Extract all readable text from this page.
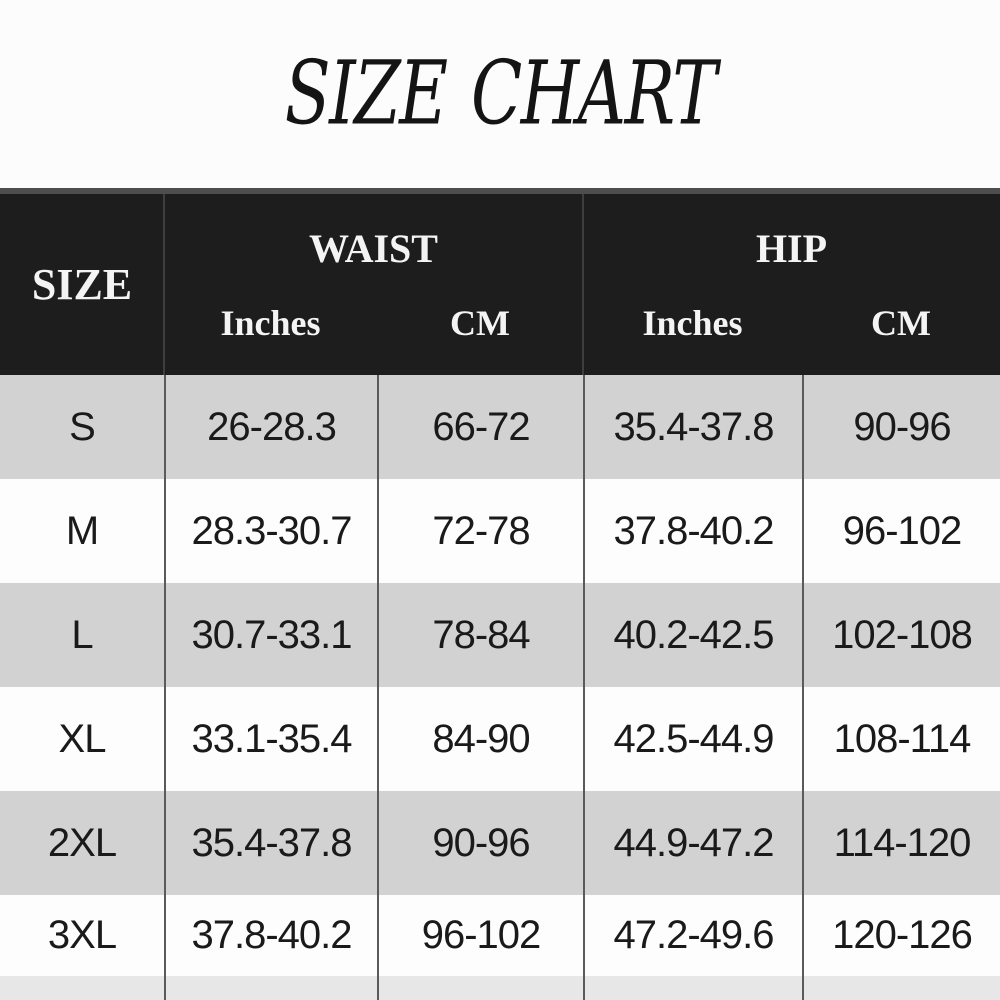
SIZE CHART
SIZE
WAIST	HIP
Inches	CM	Inches	CM
S	26-28.3	66-72	35.4-37.8	90-96
M	28.3-30.7	72-78	37.8-40.2	96-102
L	30.7-33.1	78-84	40.2-42.5	102-108
XL	33.1-35.4	84-90	42.5-44.9	108-114
2XL	35.4-37.8	90-96	44.9-47.2	114-120
3XL	37.8-40.2	96-102	47.2-49.6	120-126
